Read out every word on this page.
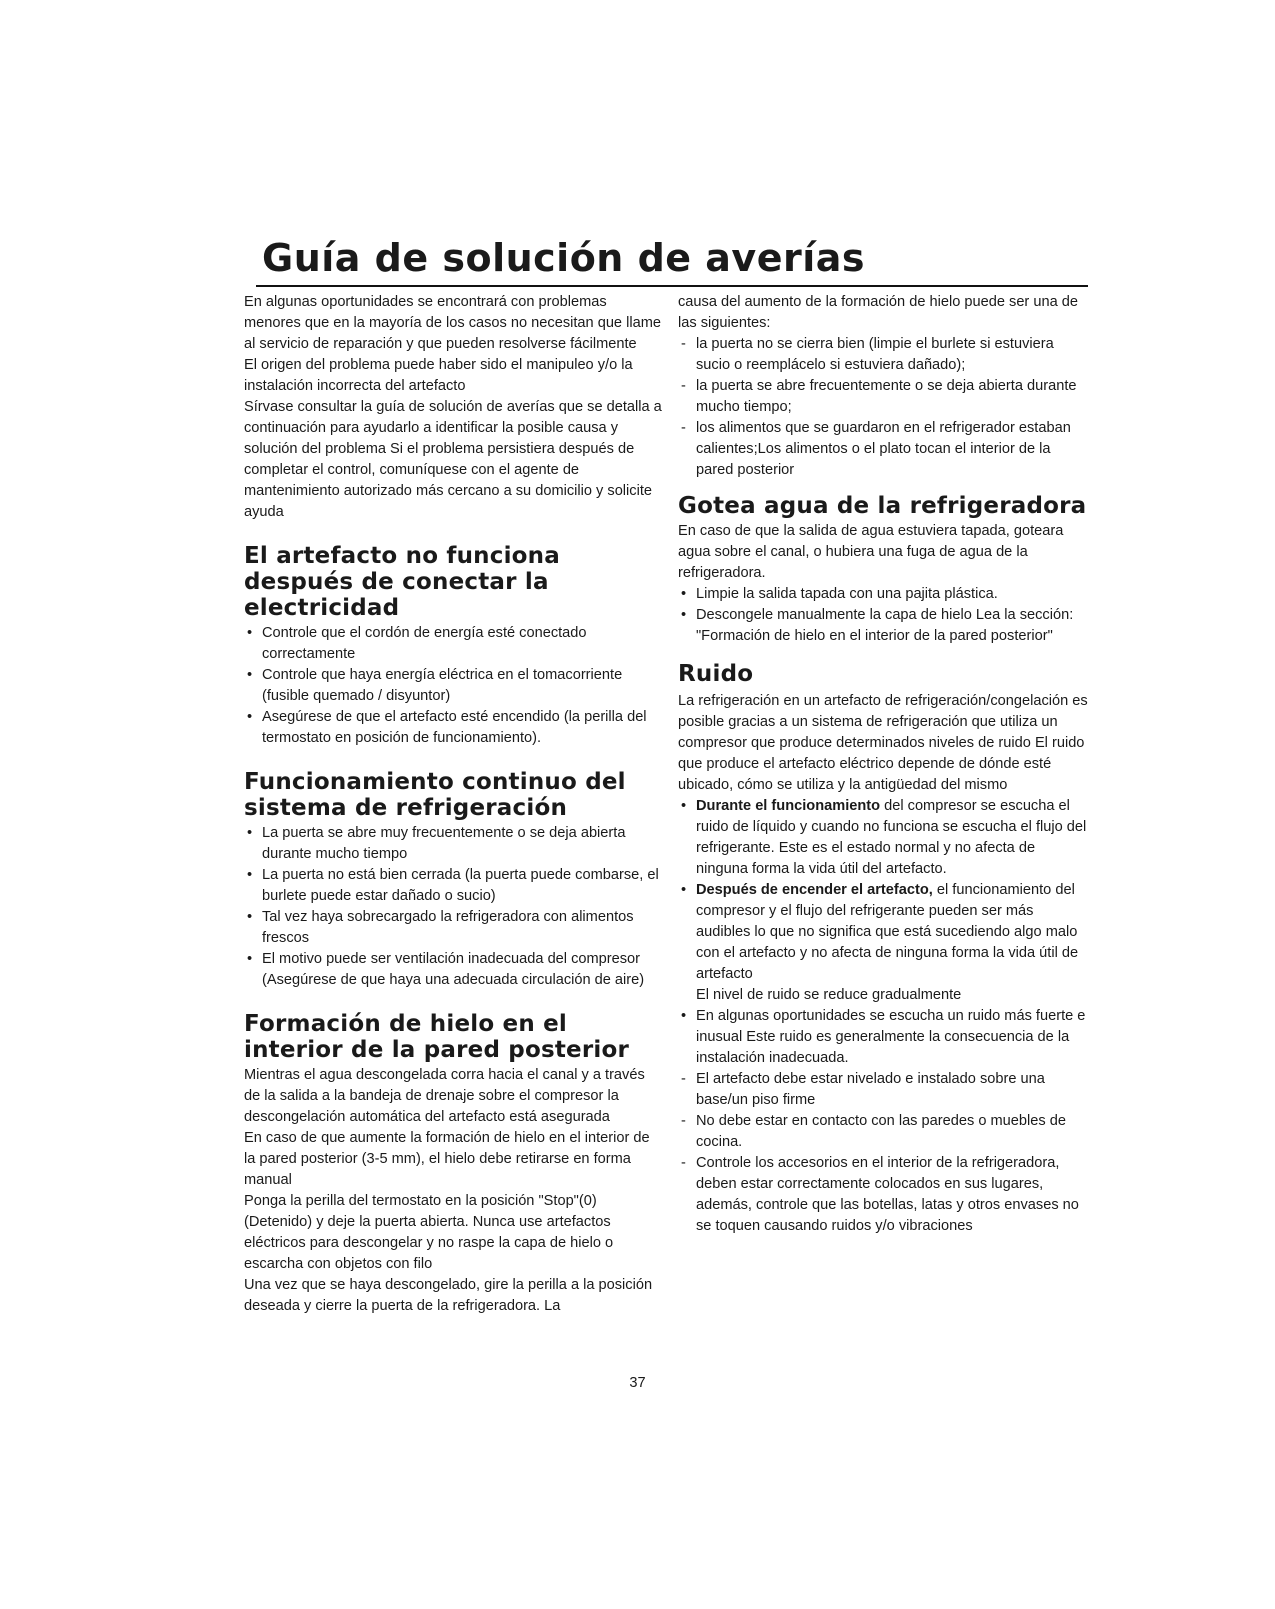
Guía de solución de averías

En algunas oportunidades se encontrará con problemas menores que en la mayoría de los casos no necesitan que llame al servicio de reparación y que pueden resolverse fácilmente

El origen del problema puede haber sido el manipuleo y/o la instalación incorrecta del artefacto

Sírvase consultar la guía de solución de averías que se detalla a continuación para ayudarlo a identificar la posible causa y solución del problema Si el problema persistiera después de completar el control, comuníquese con el agente de mantenimiento autorizado más cercano a su domicilio y solicite ayuda

El artefacto no funciona después de conectar la electricidad
• Controle que el cordón de energía esté conectado correctamente
• Controle que haya energía eléctrica en el tomacorriente (fusible quemado / disyuntor)
• Asegúrese de que el artefacto esté encendido (la perilla del termostato en posición de funcionamiento).
Funcionamiento continuo del sistema de refrigeración
• La puerta se abre muy frecuentemente o se deja abierta durante mucho tiempo
• La puerta no está bien cerrada (la puerta puede combarse, el burlete puede estar dañado o sucio)
• Tal vez haya sobrecargado la refrigeradora con alimentos frescos
• El motivo puede ser ventilación inadecuada del compresor (Asegúrese de que haya una adecuada circulación de aire)
Formación de hielo en el interior de la pared posterior

Mientras el agua descongelada corra hacia el canal y a través de la salida a la bandeja de drenaje sobre el compresor la descongelación automática del artefacto está asegurada

En caso de que aumente la formación de hielo en el interior de la pared posterior (3-5 mm), el hielo debe retirarse en forma manual

Ponga la perilla del termostato en la posición "Stop"(0) (Detenido) y deje la puerta abierta. Nunca use artefactos eléctricos para descongelar y no raspe la capa de hielo o escarcha con objetos con filo

Una vez que se haya descongelado, gire la perilla a la posición deseada y cierre la puerta de la refrigeradora. La

causa del aumento de la formación de hielo puede ser una de las siguientes:

- la puerta no se cierra bien (limpie el burlete si estuviera sucio o reemplácelo si estuviera dañado);
- la puerta se abre frecuentemente o se deja abierta durante mucho tiempo;
- los alimentos que se guardaron en el refrigerador estaban calientes;Los alimentos o el plato tocan el interior de la pared posterior
Gotea agua de la refrigeradora

En caso de que la salida de agua estuviera tapada, goteara agua sobre el canal, o hubiera una fuga de agua de la refrigeradora.

• Limpie la salida tapada con una pajita plástica.
• Descongele manualmente la capa de hielo Lea la sección: "Formación de hielo en el interior de la pared posterior"
Ruido

La refrigeración en un artefacto de refrigeración/congelación es posible gracias a un sistema de refrigeración que utiliza un compresor que produce determinados niveles de ruido El ruido que produce el artefacto eléctrico depende de dónde esté ubicado, cómo se utiliza y la antigüedad del mismo

• Durante el funcionamiento del compresor se escucha el ruido de líquido y cuando no funciona se escucha el flujo del refrigerante. Este es el estado normal y no afecta de ninguna forma la vida útil del artefacto.
• Después de encender el artefacto, el funcionamiento del compresor y el flujo del refrigerante pueden ser más audibles lo que no significa que está sucediendo algo malo con el artefacto y no afecta de ninguna forma la vida útil de artefacto

El nivel de ruido se reduce gradualmente

• En algunas oportunidades se escucha un ruido más fuerte e inusual Este ruido es generalmente la consecuencia de la instalación inadecuada.
- El artefacto debe estar nivelado e instalado sobre una base/un piso firme
- No debe estar en contacto con las paredes o muebles de cocina.
- Controle los accesorios en el interior de la refrigeradora, deben estar correctamente colocados en sus lugares, además, controle que las botellas, latas y otros envases no se toquen causando ruidos y/o vibraciones
37
